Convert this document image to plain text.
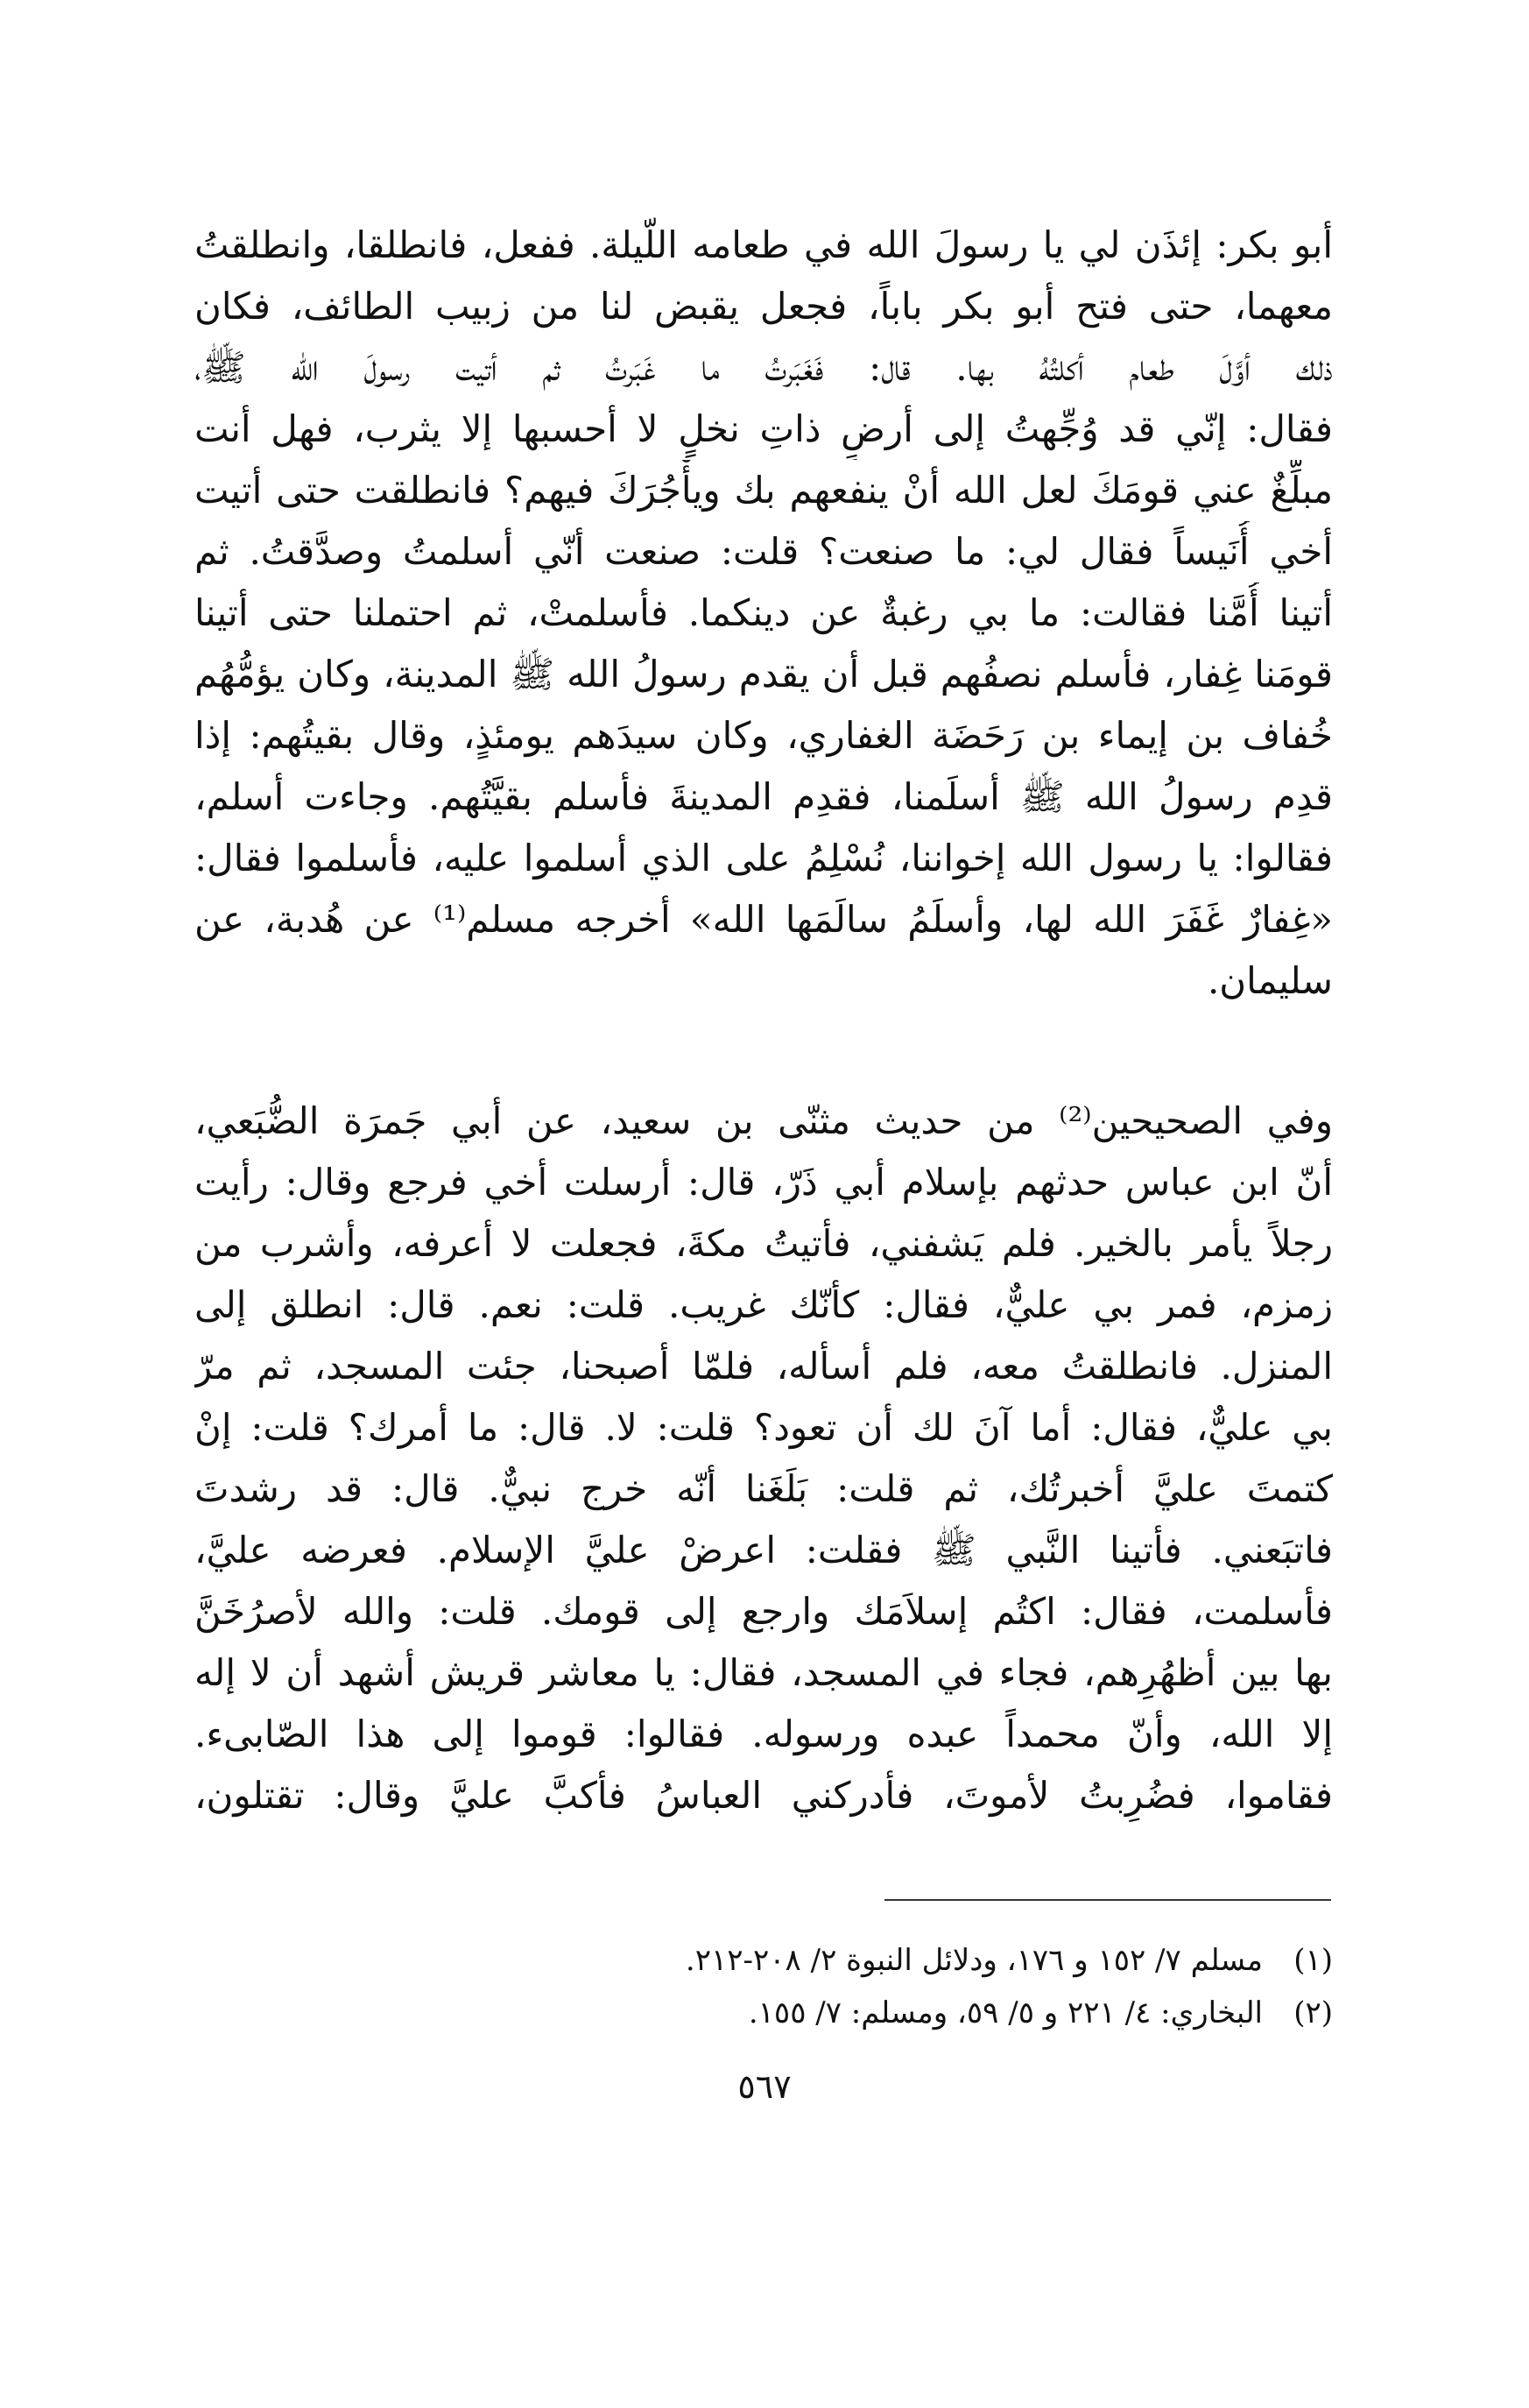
أبو بكر: إئذَن لي يا رسولَ الله في طعامه اللّيلة. ففعل، فانطلقا، وانطلقتُ
معهما، حتى فتح أبو بكر باباً، فجعل يقبض لنا من زبيب الطائف، فكان
ذلك أوَّلَ طعام أكلتُهُ بها. قال: فَغَبَرتُ ما غَبَرتُ ثم أتيت رسولَ الله ﷺ،
فقال: إنّي قد وُجِّهتُ إلى أرضٍ ذاتِ نخلٍ لا أحسبها إلا يثرب، فهل أنت
مبلِّغٌ عني قومَكَ لعل الله أنْ ينفعهم بك ويأْجُرَكَ فيهم؟ فانطلقت حتى أتيت
أخي أُنَيساً فقال لي: ما صنعت؟ قلت: صنعت أنّي أسلمتُ وصدَّقتُ. ثم
أتينا أُمَّنا فقالت: ما بي رغبةٌ عن دينكما. فأسلمتْ، ثم احتملنا حتى أتينا
قومَنا غِفار، فأسلم نصفُهم قبل أن يقدم رسولُ الله ﷺ المدينة، وكان يؤمُّهُم
خُفاف بن إيماء بن رَحَضَة الغفاري، وكان سيدَهم يومئذٍ، وقال بقيتُهم: إذا
قدِم رسولُ الله ﷺ أسلَمنا، فقدِم المدينةَ فأسلم بقيَّتُهم. وجاءت أسلم،
فقالوا: يا رسول الله إخواننا، نُسْلِمُ على الذي أسلموا عليه، فأسلموا فقال:
«غِفارٌ غَفَرَ الله لها، وأسلَمُ سالَمَها الله» أخرجه مسلم⁽¹⁾ عن هُدبة، عن
سليمان.
وفي الصحيحين⁽²⁾ من حديث مثنّى بن سعيد، عن أبي جَمرَة الضُّبَعي،
أنّ ابن عباس حدثهم بإسلام أبي ذَرّ، قال: أرسلت أخي فرجع وقال: رأيت
رجلاً يأمر بالخير. فلم يَشفني، فأتيتُ مكةَ، فجعلت لا أعرفه، وأشرب من
زمزم، فمر بي عليٌّ، فقال: كأنّك غريب. قلت: نعم. قال: انطلق إلى
المنزل. فانطلقتُ معه، فلم أسأله، فلمّا أصبحنا، جئت المسجد، ثم مرّ
بي عليٌّ، فقال: أما آنَ لك أن تعود؟ قلت: لا. قال: ما أمرك؟ قلت: إنْ
كتمتَ عليَّ أخبرتُك، ثم قلت: بَلَغَنا أنّه خرج نبيٌّ. قال: قد رشدتَ
فاتبَعني. فأتينا النَّبي ﷺ فقلت: اعرضْ عليَّ الإسلام. فعرضه عليَّ،
فأسلمت، فقال: اكتُم إسلاَمَك وارجع إلى قومك. قلت: والله لأصرُخَنَّ
بها بين أظهُرِهم، فجاء في المسجد، فقال: يا معاشر قريش أشهد أن لا إله
إلا الله، وأنّ محمداً عبده ورسوله. فقالوا: قوموا إلى هذا الصّابىء.
فقاموا، فضُرِبتُ لأموتَ، فأدركني العباسُ فأكبَّ عليَّ وقال: تقتلون،
(١)مسلم ٧/ ١٥٢ و ١٧٦، ودلائل النبوة ٢/ ٢٠٨-٢١٢.
(٢)البخاري: ٤/ ٢٢١ و ٥/ ٥٩، ومسلم: ٧/ ١٥٥.
٥٦٧
